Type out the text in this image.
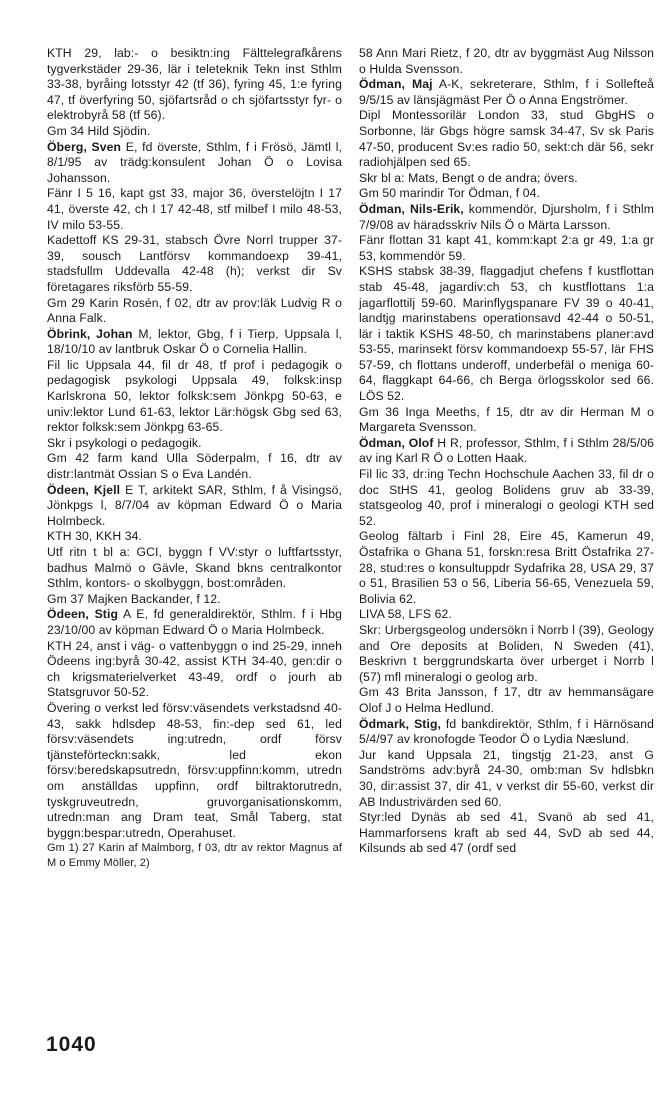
KTH 29, lab:- o besiktn:ing Fälttelegrafkårens tygverkstäder 29-36, lär i teleteknik Tekn inst Sthlm 33-38, byråing lotsstyr 42 (tf 36), fyring 45, 1:e fyring 47, tf överfyring 50, sjöfartsråd o ch sjöfartsstyr fyr- o elektrobyrå 58 (tf 56).

Gm 34 Hild Sjödin.

Öberg, Sven E, fd överste, Sthlm, f i Frösö, Jämtl l, 8/1/95 av trädg:konsulent Johan Ö o Lovisa Johansson.

Fänr I 5 16, kapt gst 33, major 36, överstelöjtn I 17 41, överste 42, ch I 17 42-48, stf milbef I milo 48-53, IV milo 53-55.

Kadettoff KS 29-31, stabsch Övre Norrl trupper 37-39, sousch Lantförsv kommandoexp 39-41, stadsfullm Uddevalla 42-48 (h); verkst dir Sv företagares riksförb 55-59.

Gm 29 Karin Rosén, f 02, dtr av prov:läk Ludvig R o Anna Falk.

Öbrink, Johan M, lektor, Gbg, f i Tierp, Uppsala l, 18/10/10 av lantbruk Oskar Ö o Cornelia Hallin.

Fil lic Uppsala 44, fil dr 48, tf prof i pedagogik o pedagogisk psykologi Uppsala 49, folksk:insp Karlskrona 50, lektor folksk:sem Jönkpg 50-63, e univ:lektor Lund 61-63, lektor Lär:högsk Gbg sed 63, rektor folksk:sem Jönkpg 63-65.

Skr i psykologi o pedagogik.

Gm 42 farm kand Ulla Söderpalm, f 16, dtr av distr:lantmät Ossian S o Eva Landén.

Ödeen, Kjell E T, arkitekt SAR, Sthlm, f å Visingsö, Jönkpgs l, 8/7/04 av köpman Edward Ö o Maria Holmbeck.

KTH 30, KKH 34.

Utf ritn t bl a: GCI, byggn f VV:styr o luftfartsstyr, badhus Malmö o Gävle, Skand bkns centralkontor Sthlm, kontors- o skolbyggn, bost:områden.

Gm 37 Majken Backander, f 12.

Ödeen, Stig A E, fd generaldirektör, Sthlm. f i Hbg 23/10/00 av köpman Edward Ö o Maria Holmbeck.

KTH 24, anst i väg- o vattenbyggn o ind 25-29, inneh Ödeens ing:byrå 30-42, assist KTH 34-40, gen:dir o ch krigsmaterielverket 43-49, ordf o jourh ab Statsgruvor 50-52.

Övering o verkst led försv:väsendets verkstadsnd 40-43, sakk hdlsdep 48-53, fin:-dep sed 61, led försv:väsendets ing:utredn, ordf försv tjänsteförteckn:sakk, led ekon försv:beredskapsutredn, försv:uppfinn:komm, utredn om anställdas uppfinn, ordf biltraktorutredn, tyskgruveutredn, gruvorganisationskomm, utredn:man ang Dram teat, Smål Taberg, stat byggn:bespar:utredn, Operahuset.

Gm 1) 27 Karin af Malmborg, f 03, dtr av rektor Magnus af M o Emmy Möller, 2)

58 Ann Mari Rietz, f 20, dtr av byggmäst Aug Nilsson o Hulda Svensson.

Ödman, Maj A-K, sekreterare, Sthlm, f i Sollefteå 9/5/15 av länsjägmäst Per Ö o Anna Engströmer.

Dipl Montessorilär London 33, stud GbgHS o Sorbonne, lär Gbgs högre samsk 34-47, Sv sk Paris 47-50, producent Sv:es radio 50, sekt:ch där 56, sekr radiohjälpen sed 65.

Skr bl a: Mats, Bengt o de andra; övers.

Gm 50 marindir Tor Ödman, f 04.

Ödman, Nils-Erik, kommendör, Djursholm, f i Sthlm 7/9/08 av häradsskriv Nils Ö o Märta Larsson.

Fänr flottan 31 kapt 41, komm:kapt 2:a gr 49, 1:a gr 53, kommendör 59.

KSHS stabsk 38-39, flaggadjut chefens f kustflottan stab 45-48, jagardiv:ch 53, ch kustflottans 1:a jagarflottilj 59-60. Marinflygspanare FV 39 o 40-41, landtjg marinstabens operationsavd 42-44 o 50-51, lär i taktik KSHS 48-50, ch marinstabens planer:avd 53-55, marinsekt försv kommandoexp 55-57, lär FHS 57-59, ch flottans underoff, underbefäl o meniga 60-64, flaggkapt 64-66, ch Berga örlogsskolor sed 66. LÖS 52.

Gm 36 Inga Meeths, f 15, dtr av dir Herman M o Margareta Svensson.

Ödman, Olof H R, professor, Sthlm, f i Sthlm 28/5/06 av ing Karl R Ö o Lotten Haak.

Fil lic 33, dr:ing Techn Hochschule Aachen 33, fil dr o doc StHS 41, geolog Bolidens gruv ab 33-39, statsgeolog 40, prof i mineralogi o geologi KTH sed 52.

Geolog fältarb i Finl 28, Eire 45, Kamerun 49, Östafrika o Ghana 51, forskn:resa Britt Östafrika 27-28, stud:res o konsultuppdr Sydafrika 28, USA 29, 37 o 51, Brasilien 53 o 56, Liberia 56-65, Venezuela 59, Bolivia 62.

LIVA 58, LFS 62.

Skr: Urbergsgeolog undersökn i Norrb l (39), Geology and Ore deposits at Boliden, N Sweden (41), Beskrivn t berggrundskarta över urberget i Norrb l (57) mfl mineralogi o geolog arb.

Gm 43 Brita Jansson, f 17, dtr av hemmansägare Olof J o Helma Hedlund.

Ödmark, Stig, fd bankdirektör, Sthlm, f i Härnösand 5/4/97 av kronofogde Teodor Ö o Lydia Næslund.

Jur kand Uppsala 21, tingstjg 21-23, anst G Sandströms adv:byrå 24-30, omb:man Sv hdlsbkn 30, dir:assist 37, dir 41, v verkst dir 55-60, verkst dir AB Industrivärden sed 60.

Styr:led Dynäs ab sed 41, Svanö ab sed 41, Hammarforsens kraft ab sed 44, SvD ab sed 44, Kilsunds ab sed 47 (ordf sed

1040
